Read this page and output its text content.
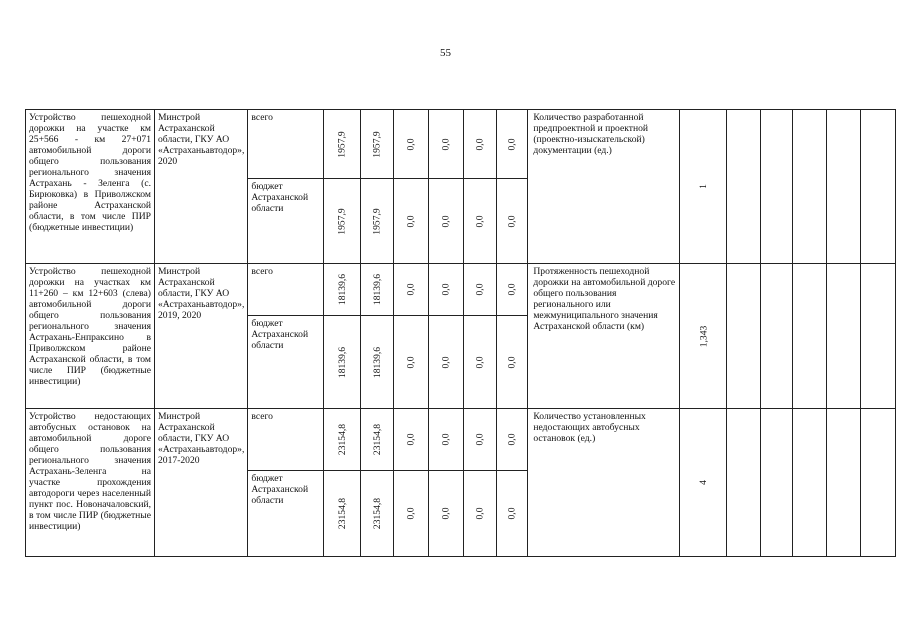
55
Устройство пешеходной дорожки на участке км 25+566 - км 27+071 автомобильной дороги общего пользования регионального значения Астрахань - Зеленга (с. Бирюковка) в Приволжском районе Астраханской области, в том числе ПИР (бюджетные инвестиции)	Минстрой Астраханской области, ГКУ АО «Астраханьавтодор», 2020	всего	1957,9	1957,9	0,0	0,0	0,0	0,0	Количество разработанной предпроектной и проектной (проектно-изыскательской) документации (ед.)	1					
		бюджет Астраханской области	1957,9	1957,9	0,0	0,0	0,0	0,0							
Устройство пешеходной дорожки на участках км 11+260 – км 12+603 (слева) автомобильной дороги общего пользования регионального значения Астрахань-Енпраксино в Приволжском районе Астраханской области, в том числе ПИР (бюджетные инвестиции)	Минстрой Астраханской области, ГКУ АО «Астраханьавтодор», 2019, 2020	всего	18139,6	18139,6	0,0	0,0	0,0	0,0	Протяженность пешеходной дорожки на автомобильной дороге общего пользования регионального или межмуниципального значения Астраханской области (км)	1,343					
		бюджет Астраханской области	18139,6	18139,6	0,0	0,0	0,0	0,0							
Устройство недостающих автобусных остановок на автомобильной дороге общего пользования регионального значения Астрахань-Зеленга на участке прохождения автодороги через населенный пункт пос. Новоначаловский, в том числе ПИР (бюджетные инвестиции)	Минстрой Астраханской области, ГКУ АО «Астраханьавтодор», 2017-2020	всего	23154,8	23154,8	0,0	0,0	0,0	0,0	Количество установленных недостающих автобусных остановок (ед.)	4					
		бюджет Астраханской области	23154,8	23154,8	0,0	0,0	0,0	0,0							
